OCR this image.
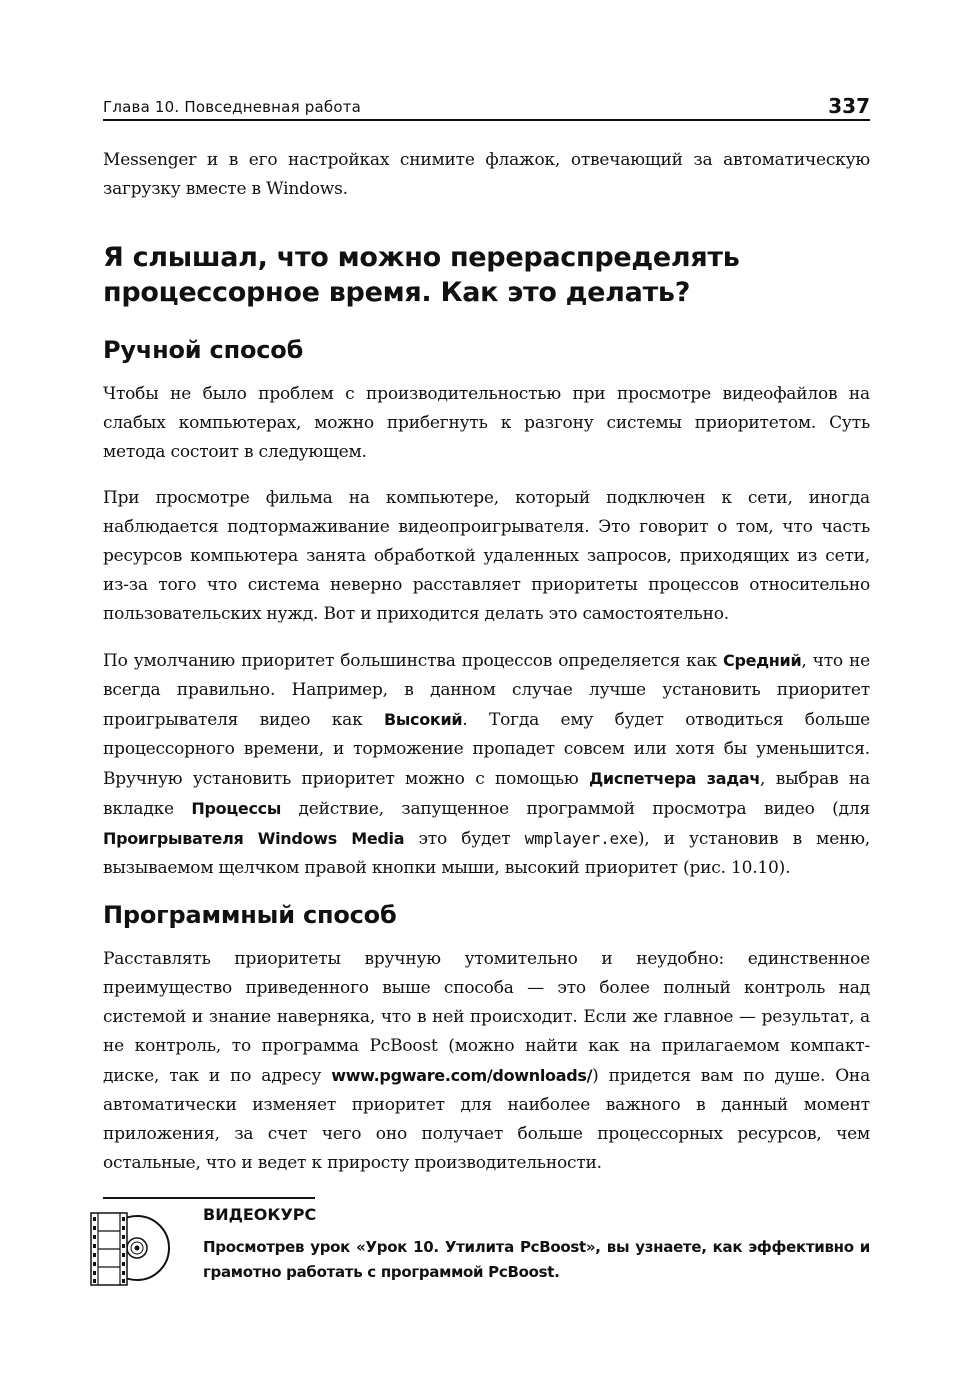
Глава 10. Повседневная работа	337

Messenger и в его настройках снимите флажок, отвечающий за автоматическую загрузку вместе в Windows.

Я слышал, что можно перераспределять процессорное время. Как это делать?
Ручной способ

Чтобы не было проблем с производительностью при просмотре видеофайлов на слабых компьютерах, можно прибегнуть к разгону системы приоритетом. Суть метода состоит в следующем.

При просмотре фильма на компьютере, который подключен к сети, иногда наблюдается подтормаживание видеопроигрывателя. Это говорит о том, что часть ресурсов компьютера занята обработкой удаленных запросов, приходящих из сети, из-за того что система неверно расставляет приоритеты процессов относительно пользовательских нужд. Вот и приходится делать это самостоятельно.

По умолчанию приоритет большинства процессов определяется как Средний, что не всегда правильно. Например, в данном случае лучше установить приоритет проигрывателя видео как Высокий. Тогда ему будет отводиться больше процессорного времени, и торможение пропадет совсем или хотя бы уменьшится. Вручную установить приоритет можно с помощью Диспетчера задач, выбрав на вкладке Процессы действие, запущенное программой просмотра видео (для Проигрывателя Windows Media это будет wmplayer.exe), и установив в меню, вызываемом щелчком правой кнопки мыши, высокий приоритет (рис. 10.10).

Программный способ

Расставлять приоритеты вручную утомительно и неудобно: единственное преимущество приведенного выше способа — это более полный контроль над системой и знание наверняка, что в ней происходит. Если же главное — результат, а не контроль, то программа PcBoost (можно найти как на прилагаемом компакт-диске, так и по адресу www.pgware.com/downloads/) придется вам по душе. Она автоматически изменяет приоритет для наиболее важного в данный момент приложения, за счет чего оно получает больше процессорных ресурсов, чем остальные, что и ведет к приросту производительности.

ВИДЕОКУРС
Просмотрев урок «Урок 10. Утилита PcBoost», вы узнаете, как эффективно и грамотно работать с программой PcBoost.
